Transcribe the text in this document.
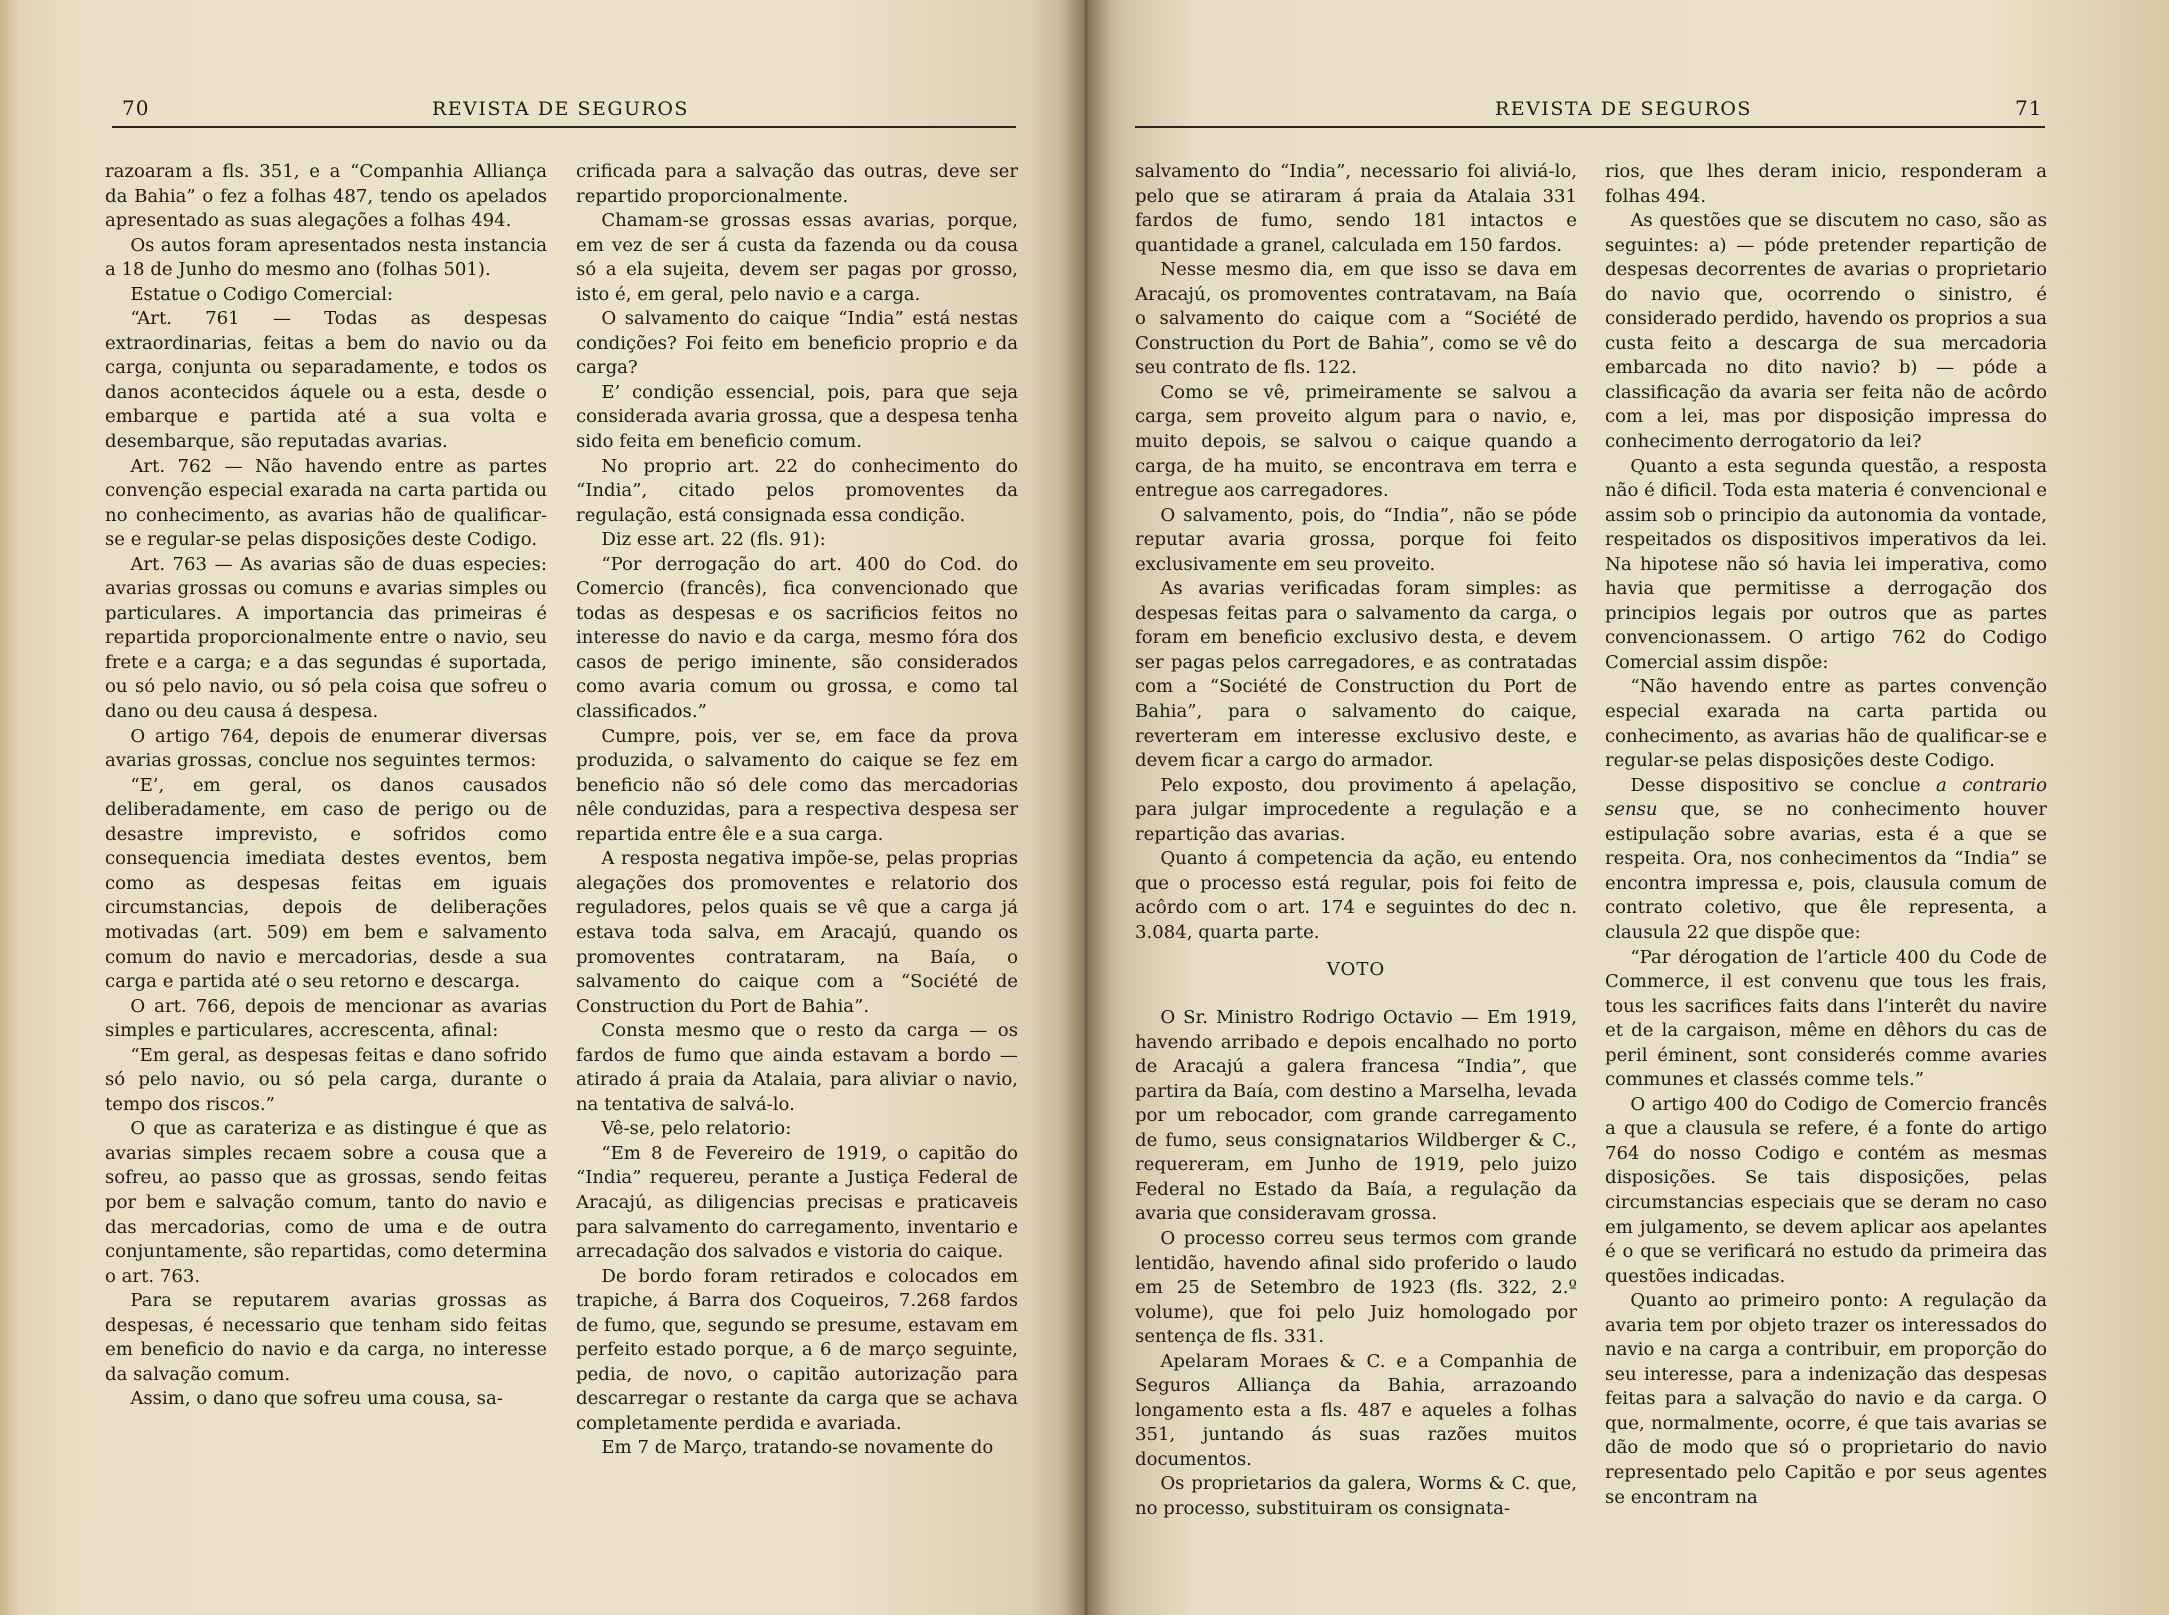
70	REVISTA DE SEGUROS

razoaram a fls. 351, e a “Companhia Alliança da Bahia” o fez a folhas 487, tendo os apelados apresentado as suas alegações a folhas 494.

Os autos foram apresentados nesta instancia a 18 de Junho do mesmo ano (folhas 501).

Estatue o Codigo Comercial:

“Art. 761 — Todas as despesas extraordinarias, feitas a bem do navio ou da carga, conjunta ou separadamente, e todos os danos acontecidos áquele ou a esta, desde o embarque e partida até a sua volta e desembarque, são reputadas avarias.

Art. 762 — Não havendo entre as partes convenção especial exarada na carta partida ou no conhecimento, as avarias hão de qualificar-se e regular-se pelas disposições deste Codigo.

Art. 763 — As avarias são de duas especies: avarias grossas ou comuns e avarias simples ou particulares. A importancia das primeiras é repartida proporcionalmente entre o navio, seu frete e a carga; e a das segundas é suportada, ou só pelo navio, ou só pela coisa que sofreu o dano ou deu causa á despesa.

O artigo 764, depois de enumerar diversas avarias grossas, conclue nos seguintes termos:

“E’, em geral, os danos causados deliberadamente, em caso de perigo ou de desastre imprevisto, e sofridos como consequencia imediata destes eventos, bem como as despesas feitas em iguais circumstancias, depois de deliberações motivadas (art. 509) em bem e salvamento comum do navio e mercadorias, desde a sua carga e partida até o seu retorno e descarga.

O art. 766, depois de mencionar as avarias simples e particulares, accrescenta, afinal:

“Em geral, as despesas feitas e dano sofrido só pelo navio, ou só pela carga, durante o tempo dos riscos.”

O que as carateriza e as distingue é que as avarias simples recaem sobre a cousa que a sofreu, ao passo que as grossas, sendo feitas por bem e salvação comum, tanto do navio e das mercadorias, como de uma e de outra conjuntamente, são repartidas, como determina o art. 763.

Para se reputarem avarias grossas as despesas, é necessario que tenham sido feitas em beneficio do navio e da carga, no interesse da salvação comum.

Assim, o dano que sofreu uma cousa, sa-

crificada para a salvação das outras, deve ser repartido proporcionalmente.

Chamam-se grossas essas avarias, porque, em vez de ser á custa da fazenda ou da cousa só a ela sujeita, devem ser pagas por grosso, isto é, em geral, pelo navio e a carga.

O salvamento do caique “India” está nestas condições? Foi feito em beneficio proprio e da carga?

E’ condição essencial, pois, para que seja considerada avaria grossa, que a despesa tenha sido feita em beneficio comum.

No proprio art. 22 do conhecimento do “India”, citado pelos promoventes da regulação, está consignada essa condição.

Diz esse art. 22 (fls. 91):

“Por derrogação do art. 400 do Cod. do Comercio (francês), fica convencionado que todas as despesas e os sacrificios feitos no interesse do navio e da carga, mesmo fóra dos casos de perigo iminente, são considerados como avaria comum ou grossa, e como tal classificados.”

Cumpre, pois, ver se, em face da prova produzida, o salvamento do caique se fez em beneficio não só dele como das mercadorias nêle conduzidas, para a respectiva despesa ser repartida entre êle e a sua carga.

A resposta negativa impõe-se, pelas proprias alegações dos promoventes e relatorio dos reguladores, pelos quais se vê que a carga já estava toda salva, em Aracajú, quando os promoventes contrataram, na Baía, o salvamento do caique com a “Société de Construction du Port de Bahia”.

Consta mesmo que o resto da carga — os fardos de fumo que ainda estavam a bordo — atirado á praia da Atalaia, para aliviar o navio, na tentativa de salvá-lo.

Vê-se, pelo relatorio:

“Em 8 de Fevereiro de 1919, o capitão do “India” requereu, perante a Justiça Federal de Aracajú, as diligencias precisas e praticaveis para salvamento do carregamento, inventario e arrecadação dos salvados e vistoria do caique.

De bordo foram retirados e colocados em trapiche, á Barra dos Coqueiros, 7.268 fardos de fumo, que, segundo se presume, estavam em perfeito estado porque, a 6 de março seguinte, pedia, de novo, o capitão autorização para descarregar o restante da carga que se achava completamente perdida e avariada.

Em 7 de Março, tratando-se novamente do

REVISTA DE SEGUROS	71

salvamento do “India”, necessario foi aliviá-lo, pelo que se atiraram á praia da Atalaia 331 fardos de fumo, sendo 181 intactos e quantidade a granel, calculada em 150 fardos.

Nesse mesmo dia, em que isso se dava em Aracajú, os promoventes contratavam, na Baía o salvamento do caique com a “Société de Construction du Port de Bahia”, como se vê do seu contrato de fls. 122.

Como se vê, primeiramente se salvou a carga, sem proveito algum para o navio, e, muito depois, se salvou o caique quando a carga, de ha muito, se encontrava em terra e entregue aos carregadores.

O salvamento, pois, do “India”, não se póde reputar avaria grossa, porque foi feito exclusivamente em seu proveito.

As avarias verificadas foram simples: as despesas feitas para o salvamento da carga, o foram em beneficio exclusivo desta, e devem ser pagas pelos carregadores, e as contratadas com a “Société de Construction du Port de Bahia”, para o salvamento do caique, reverteram em interesse exclusivo deste, e devem ficar a cargo do armador.

Pelo exposto, dou provimento á apelação, para julgar improcedente a regulação e a repartição das avarias.

Quanto á competencia da ação, eu entendo que o processo está regular, pois foi feito de acôrdo com o art. 174 e seguintes do dec n. 3.084, quarta parte.

VOTO

O Sr. Ministro Rodrigo Octavio — Em 1919, havendo arribado e depois encalhado no porto de Aracajú a galera francesa “India”, que partira da Baía, com destino a Marselha, levada por um rebocador, com grande carregamento de fumo, seus consignatarios Wildberger & C., requereram, em Junho de 1919, pelo juizo Federal no Estado da Baía, a regulação da avaria que consideravam grossa.

O processo correu seus termos com grande lentidão, havendo afinal sido proferido o laudo em 25 de Setembro de 1923 (fls. 322, 2.º volume), que foi pelo Juiz homologado por sentença de fls. 331.

Apelaram Moraes & C. e a Companhia de Seguros Alliança da Bahia, arrazoando longamento esta a fls. 487 e aqueles a folhas 351, juntando ás suas razões muitos documentos.

Os proprietarios da galera, Worms & C. que, no processo, substituiram os consignata-

rios, que lhes deram inicio, responderam a folhas 494.

As questões que se discutem no caso, são as seguintes: a) — póde pretender repartição de despesas decorrentes de avarias o proprietario do navio que, ocorrendo o sinistro, é considerado perdido, havendo os proprios a sua custa feito a descarga de sua mercadoria embarcada no dito navio? b) — póde a classificação da avaria ser feita não de acôrdo com a lei, mas por disposição impressa do conhecimento derrogatorio da lei?

Quanto a esta segunda questão, a resposta não é dificil. Toda esta materia é convencional e assim sob o principio da autonomia da vontade, respeitados os dispositivos imperativos da lei. Na hipotese não só havia lei imperativa, como havia que permitisse a derrogação dos principios legais por outros que as partes convencionassem. O artigo 762 do Codigo Comercial assim dispõe:

“Não havendo entre as partes convenção especial exarada na carta partida ou conhecimento, as avarias hão de qualificar-se e regular-se pelas disposições deste Codigo.

Desse dispositivo se conclue a contrario sensu que, se no conhecimento houver estipulação sobre avarias, esta é a que se respeita. Ora, nos conhecimentos da “India” se encontra impressa e, pois, clausula comum de contrato coletivo, que êle representa, a clausula 22 que dispõe que:

“Par dérogation de l’article 400 du Code de Commerce, il est convenu que tous les frais, tous les sacrifices faits dans l’interêt du navire et de la cargaison, même en dêhors du cas de peril éminent, sont considerés comme avaries communes et classés comme tels.”

O artigo 400 do Codigo de Comercio francês a que a clausula se refere, é a fonte do artigo 764 do nosso Codigo e contém as mesmas disposições. Se tais disposições, pelas circumstancias especiais que se deram no caso em julgamento, se devem aplicar aos apelantes é o que se verificará no estudo da primeira das questões indicadas.

Quanto ao primeiro ponto: A regulação da avaria tem por objeto trazer os interessados do navio e na carga a contribuir, em proporção do seu interesse, para a indenização das despesas feitas para a salvação do navio e da carga. O que, normalmente, ocorre, é que tais avarias se dão de modo que só o proprietario do navio representado pelo Capitão e por seus agentes se encontram na
